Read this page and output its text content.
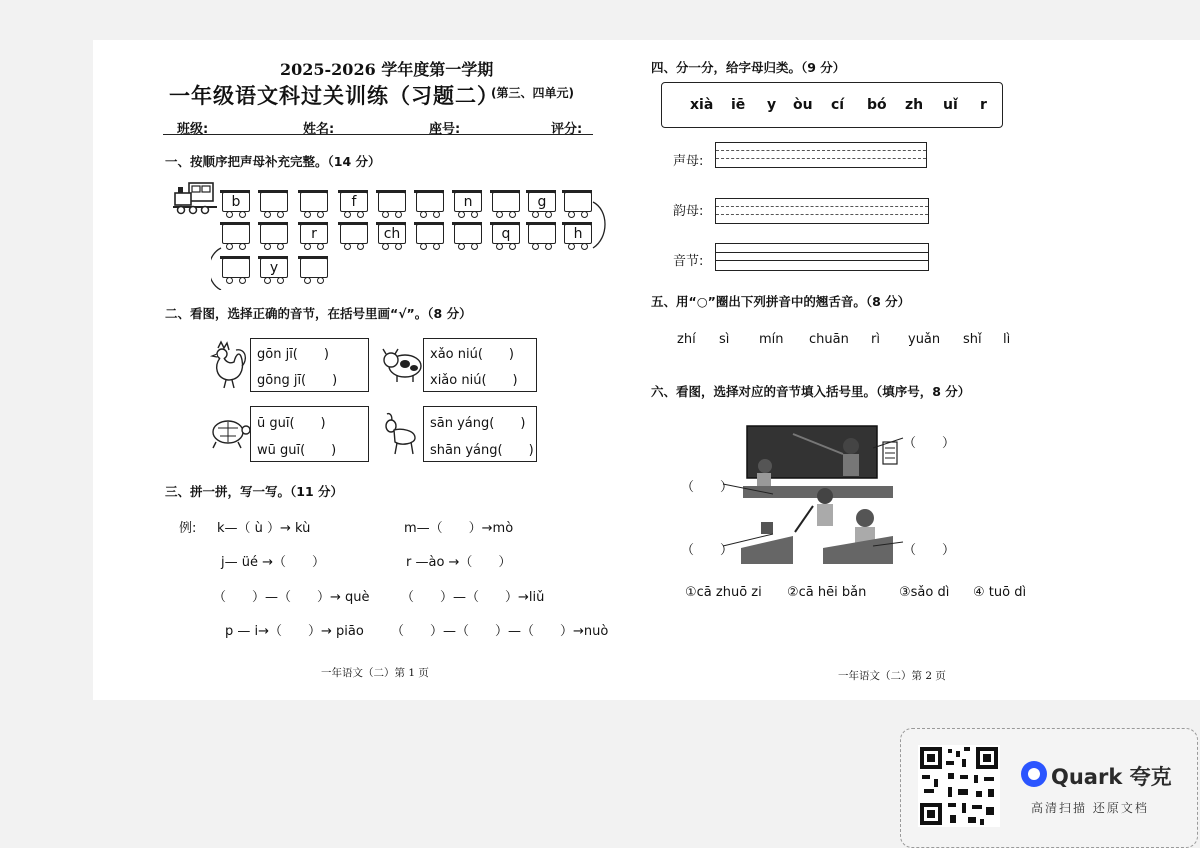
2025-2026 学年度第一学期
一年级语文科过关训练（习题二）
(第三、四单元)
班级:	姓名:	座号:	评分:
一、按顺序把声母补充完整。（14 分）
b	f	n	g
r	ch	q	h
y
二、看图，选择正确的音节，在括号里画“√”。（8 分）
gōn jī(　　)
gōng jī(　　)
xǎo niú(　　)
xiǎo niú(　　)
ū guī(　　)
wū guī(　　)
sān yáng(　　)
shān yáng(　　)
三、拼一拼，写一写。（11 分）
例: k—（ ù ）→ kù	m—（　　）→mò
j— üé →（　　）	r —ào →（　　）
（　　）—（　　）→ què （　　）—（　　）→liǔ
p — i→（　　）→ piāo （　　）—（　　）—（　　）→nuò
一年语文（二）第 1 页
四、分一分，给字母归类。（9 分）
xià iē y òu cí bó zh uǐ r
声母:
韵母:
音节:
五、用“○”圈出下列拼音中的翘舌音。（8 分）
zhí sì mín chuān rì yuǎn shǐ lì
六、看图，选择对应的音节填入括号里。（填序号，8 分）
（　　）
（　　）
（　　）	（　　）
①cā zhuō zi ②cā hēi bǎn	③sǎo dì ④ tuō dì
一年语文（二）第 2 页
Quark 夸克
高清扫描 还原文档
